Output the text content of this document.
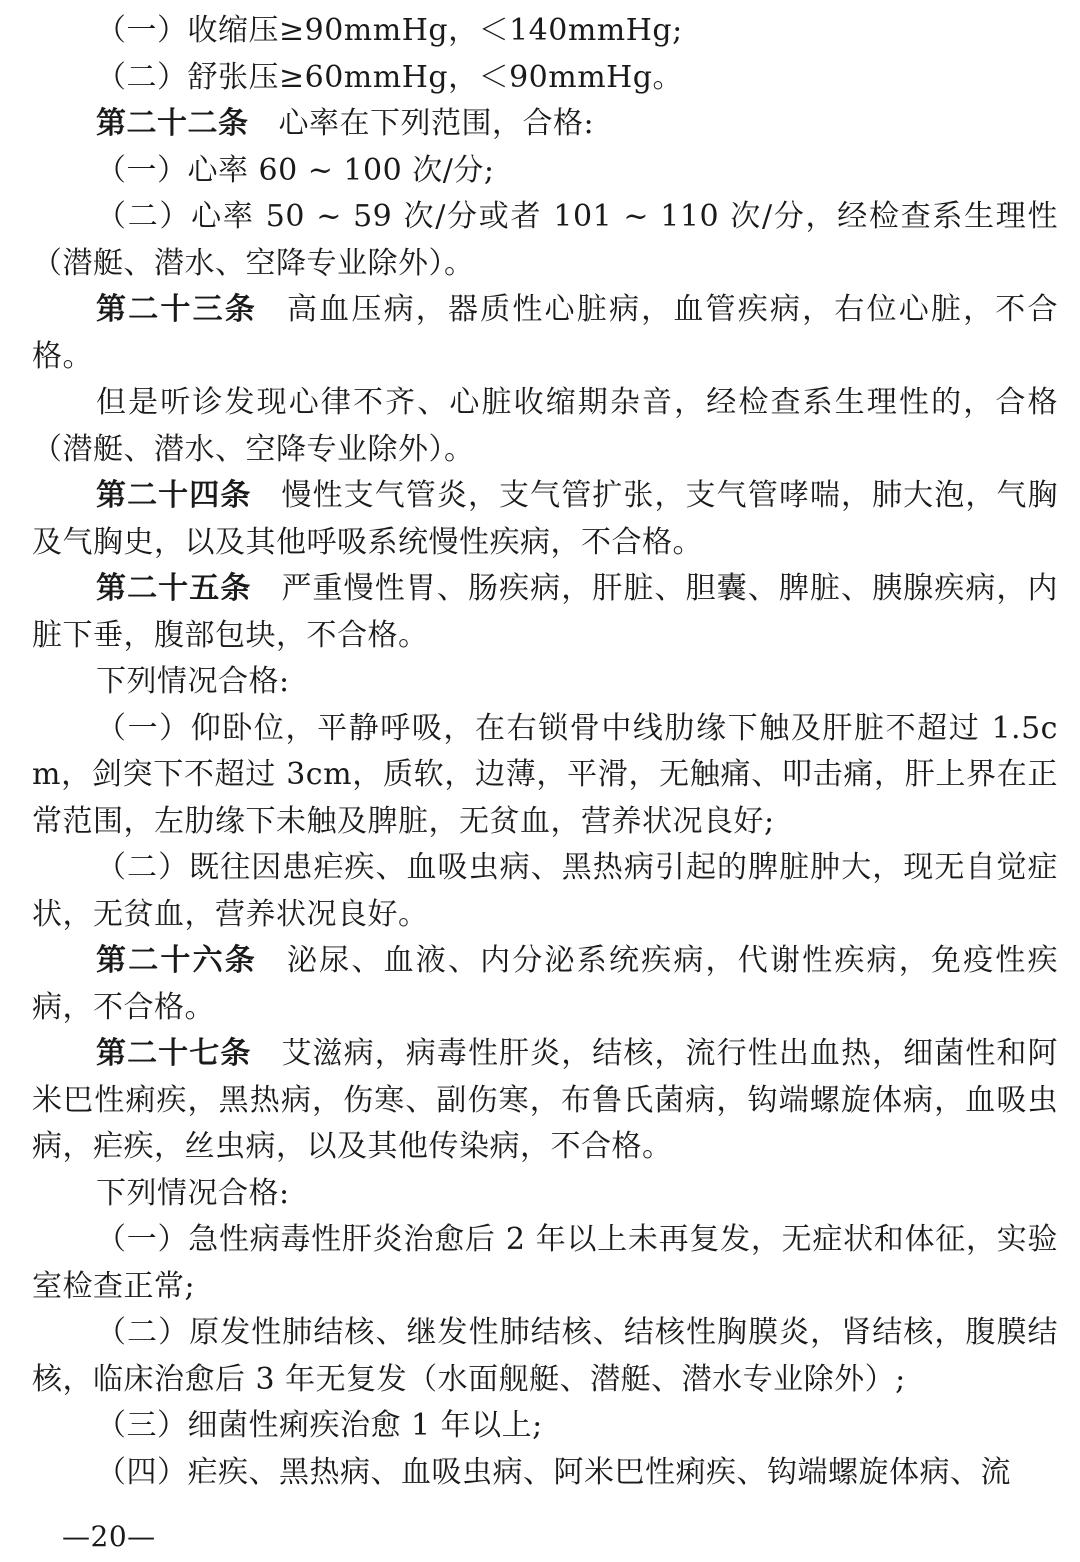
（一）收缩压≥90mmHg，＜140mmHg;

（二）舒张压≥60mmHg，＜90mmHg。

第二十二条 心率在下列范围，合格:

（一）心率 60 ~ 100 次/分;

（二）心率 50 ~ 59 次/分或者 101 ~ 110 次/分，经检查系生理性（潜艇、潜水、空降专业除外）。

第二十三条 高血压病，器质性心脏病，血管疾病，右位心脏，不合格。

但是听诊发现心律不齐、心脏收缩期杂音，经检查系生理性的，合格（潜艇、潜水、空降专业除外）。

第二十四条 慢性支气管炎，支气管扩张，支气管哮喘，肺大泡，气胸及气胸史，以及其他呼吸系统慢性疾病，不合格。

第二十五条 严重慢性胃、肠疾病，肝脏、胆囊、脾脏、胰腺疾病，内脏下垂，腹部包块，不合格。

下列情况合格:

（一）仰卧位，平静呼吸，在右锁骨中线肋缘下触及肝脏不超过 1.5cm，剑突下不超过 3cm，质软，边薄，平滑，无触痛、叩击痛，肝上界在正常范围，左肋缘下未触及脾脏，无贫血，营养状况良好;

（二）既往因患疟疾、血吸虫病、黑热病引起的脾脏肿大，现无自觉症状，无贫血，营养状况良好。

第二十六条 泌尿、血液、内分泌系统疾病，代谢性疾病，免疫性疾病，不合格。

第二十七条 艾滋病，病毒性肝炎，结核，流行性出血热，细菌性和阿米巴性痢疾，黑热病，伤寒、副伤寒，布鲁氏菌病，钩端螺旋体病，血吸虫病，疟疾，丝虫病，以及其他传染病，不合格。

下列情况合格:

（一）急性病毒性肝炎治愈后 2 年以上未再复发，无症状和体征，实验室检查正常;

（二）原发性肺结核、继发性肺结核、结核性胸膜炎，肾结核，腹膜结核，临床治愈后 3 年无复发（水面舰艇、潜艇、潜水专业除外）;

（三）细菌性痢疾治愈 1 年以上;

（四）疟疾、黑热病、血吸虫病、阿米巴性痢疾、钩端螺旋体病、流

—20—
